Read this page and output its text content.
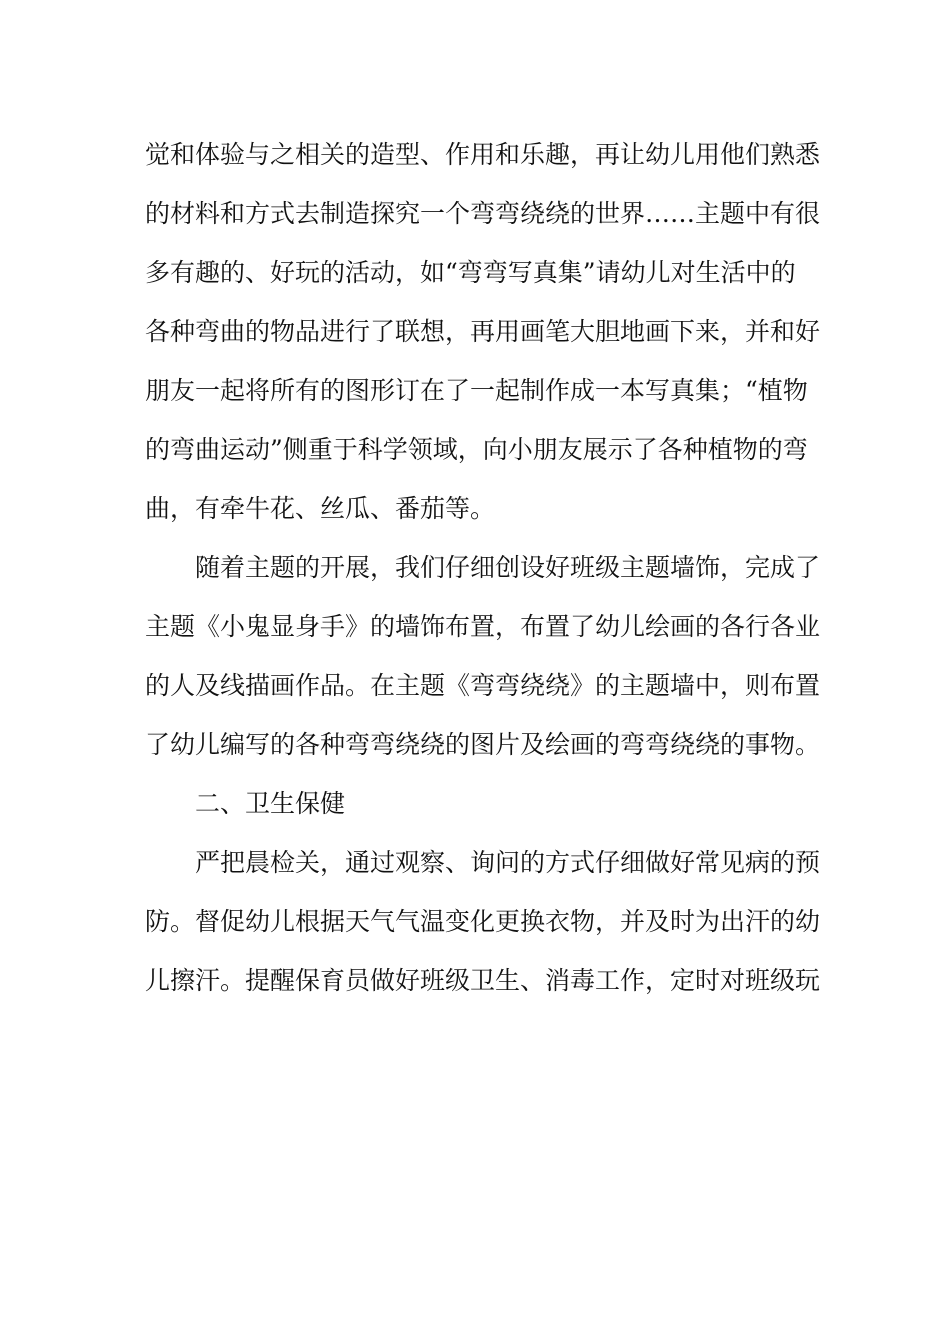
觉和体验与之相关的造型、作用和乐趣，再让幼儿用他们熟悉
的材料和方式去制造探究一个弯弯绕绕的世界……主题中有很
多有趣的、好玩的活动，如“弯弯写真集”请幼儿对生活中的
各种弯曲的物品进行了联想，再用画笔大胆地画下来，并和好
朋友一起将所有的图形订在了一起制作成一本写真集；“植物
的弯曲运动”侧重于科学领域，向小朋友展示了各种植物的弯
曲，有牵牛花、丝瓜、番茄等。
随着主题的开展，我们仔细创设好班级主题墙饰，完成了
主题《小鬼显身手》的墙饰布置，布置了幼儿绘画的各行各业
的人及线描画作品。在主题《弯弯绕绕》的主题墙中，则布置
了幼儿编写的各种弯弯绕绕的图片及绘画的弯弯绕绕的事物。
二、卫生保健
严把晨检关，通过观察、询问的方式仔细做好常见病的预
防。督促幼儿根据天气气温变化更换衣物，并及时为出汗的幼
儿擦汗。提醒保育员做好班级卫生、消毒工作，定时对班级玩
